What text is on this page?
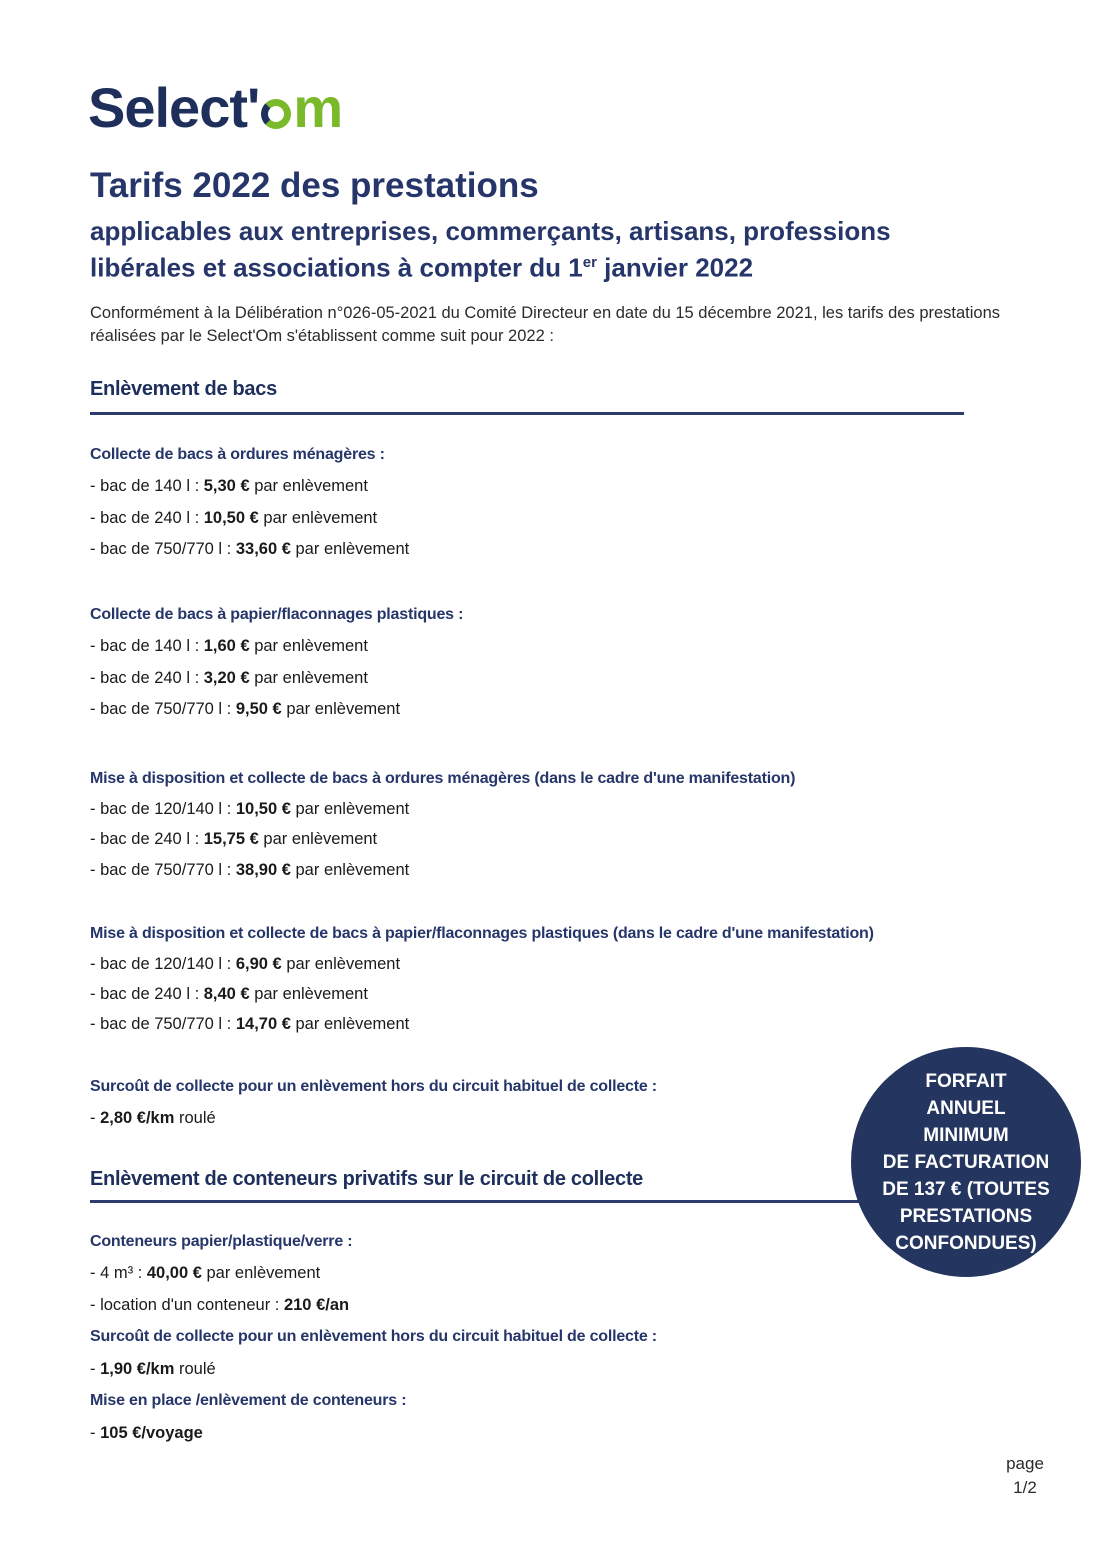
Select' m
Tarifs 2022 des prestations
applicables aux entreprises, commerçants, artisans, professions
libérales et associations à compter du 1er janvier 2022
Conformément à la Délibération n°026-05-2021 du Comité Directeur en date du 15 décembre 2021, les tarifs des prestations réalisées par le Select'Om s'établissent comme suit pour 2022 :
Enlèvement de bacs
Collecte de bacs à ordures ménagères :
- bac de 140 l : 5,30 € par enlèvement
- bac de 240 l : 10,50 € par enlèvement
- bac de 750/770 l : 33,60 € par enlèvement
Collecte de bacs à papier/flaconnages plastiques :
- bac de 140 l : 1,60 € par enlèvement
- bac de 240 l : 3,20 € par enlèvement
- bac de 750/770 l : 9,50 € par enlèvement
Mise à disposition et collecte de bacs à ordures ménagères (dans le cadre d'une manifestation)
- bac de 120/140 l : 10,50 € par enlèvement
- bac de 240 l : 15,75 € par enlèvement
- bac de 750/770 l : 38,90 € par enlèvement
Mise à disposition et collecte de bacs à papier/flaconnages plastiques (dans le cadre d'une manifestation)
- bac de 120/140 l : 6,90 € par enlèvement
- bac de 240 l : 8,40 € par enlèvement
- bac de 750/770 l : 14,70 € par enlèvement
Surcoût de collecte pour un enlèvement hors du circuit habituel de collecte :
- 2,80 €/km roulé
Enlèvement de conteneurs privatifs sur le circuit de collecte
Conteneurs papier/plastique/verre :
- 4 m³ : 40,00 € par enlèvement
- location d'un conteneur : 210 €/an
Surcoût de collecte pour un enlèvement hors du circuit habituel de collecte :
- 1,90 €/km roulé
Mise en place /enlèvement de conteneurs :
- 105 €/voyage
FORFAIT
ANNUEL
MINIMUM
DE FACTURATION
DE 137 € (TOUTES
PRESTATIONS
CONFONDUES)
page
1/2
